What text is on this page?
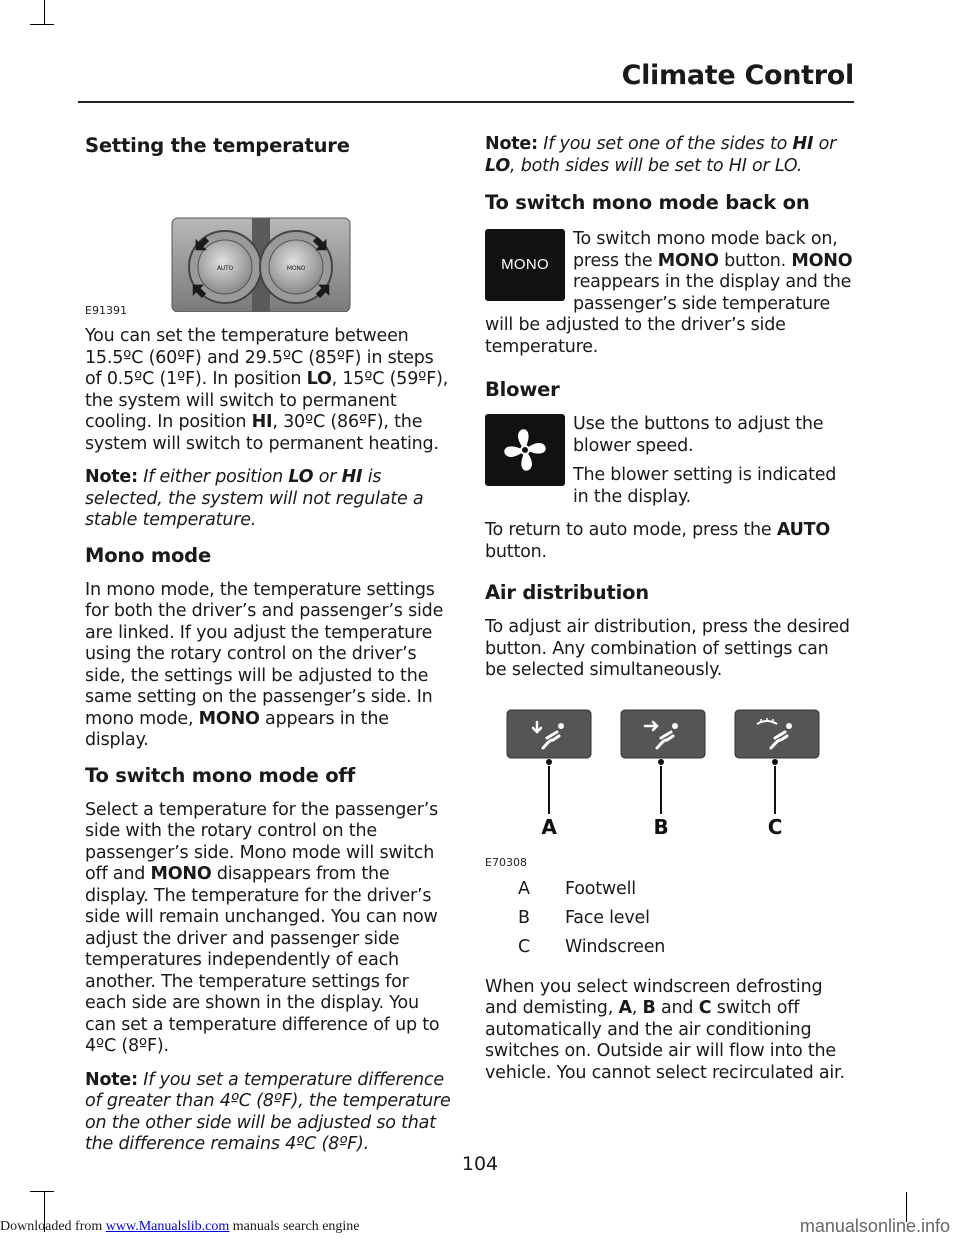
Climate Control
Setting the temperature
AUTO	MONO
E91391

You can set the temperature between 15.5ºC (60ºF) and 29.5ºC (85ºF) in steps of 0.5ºC (1ºF). In position LO, 15ºC (59ºF), the system will switch to permanent cooling. In position HI, 30ºC (86ºF), the system will switch to permanent heating.

Note: If either position LO or HI is selected, the system will not regulate a stable temperature.

Mono mode

In mono mode, the temperature settings for both the driver’s and passenger’s side are linked. If you adjust the temperature using the rotary control on the driver’s side, the settings will be adjusted to the same setting on the passenger’s side. In mono mode, MONO appears in the display.

To switch mono mode off

Select a temperature for the passenger’s side with the rotary control on the passenger’s side. Mono mode will switch off and MONO disappears from the display. The temperature for the driver’s side will remain unchanged. You can now adjust the driver and passenger side temperatures independently of each another. The temperature settings for each side are shown in the display. You can set a temperature difference of up to 4ºC (8ºF).

Note: If you set a temperature difference of greater than 4ºC (8ºF), the temperature on the other side will be adjusted so that the difference remains 4ºC (8ºF).

Note: If you set one of the sides to HI or LO, both sides will be set to HI or LO.

To switch mono mode back on
MONO

To switch mono mode back on, press the MONO button. MONO reappears in the display and the passenger’s side temperature will be adjusted to the driver’s side temperature.

Blower

Use the buttons to adjust the blower speed.

The blower setting is indicated in the display.

To return to auto mode, press the AUTO button.

Air distribution

To adjust air distribution, press the desired button. Any combination of settings can be selected simultaneously.

A	B	C
E70308
A	Footwell
B	Face level
C	Windscreen

When you select windscreen defrosting and demisting, A, B and C switch off automatically and the air conditioning switches on. Outside air will flow into the vehicle. You cannot select recirculated air.

104
Downloaded from www.Manualslib.com manuals search engine	manualsonline.info
